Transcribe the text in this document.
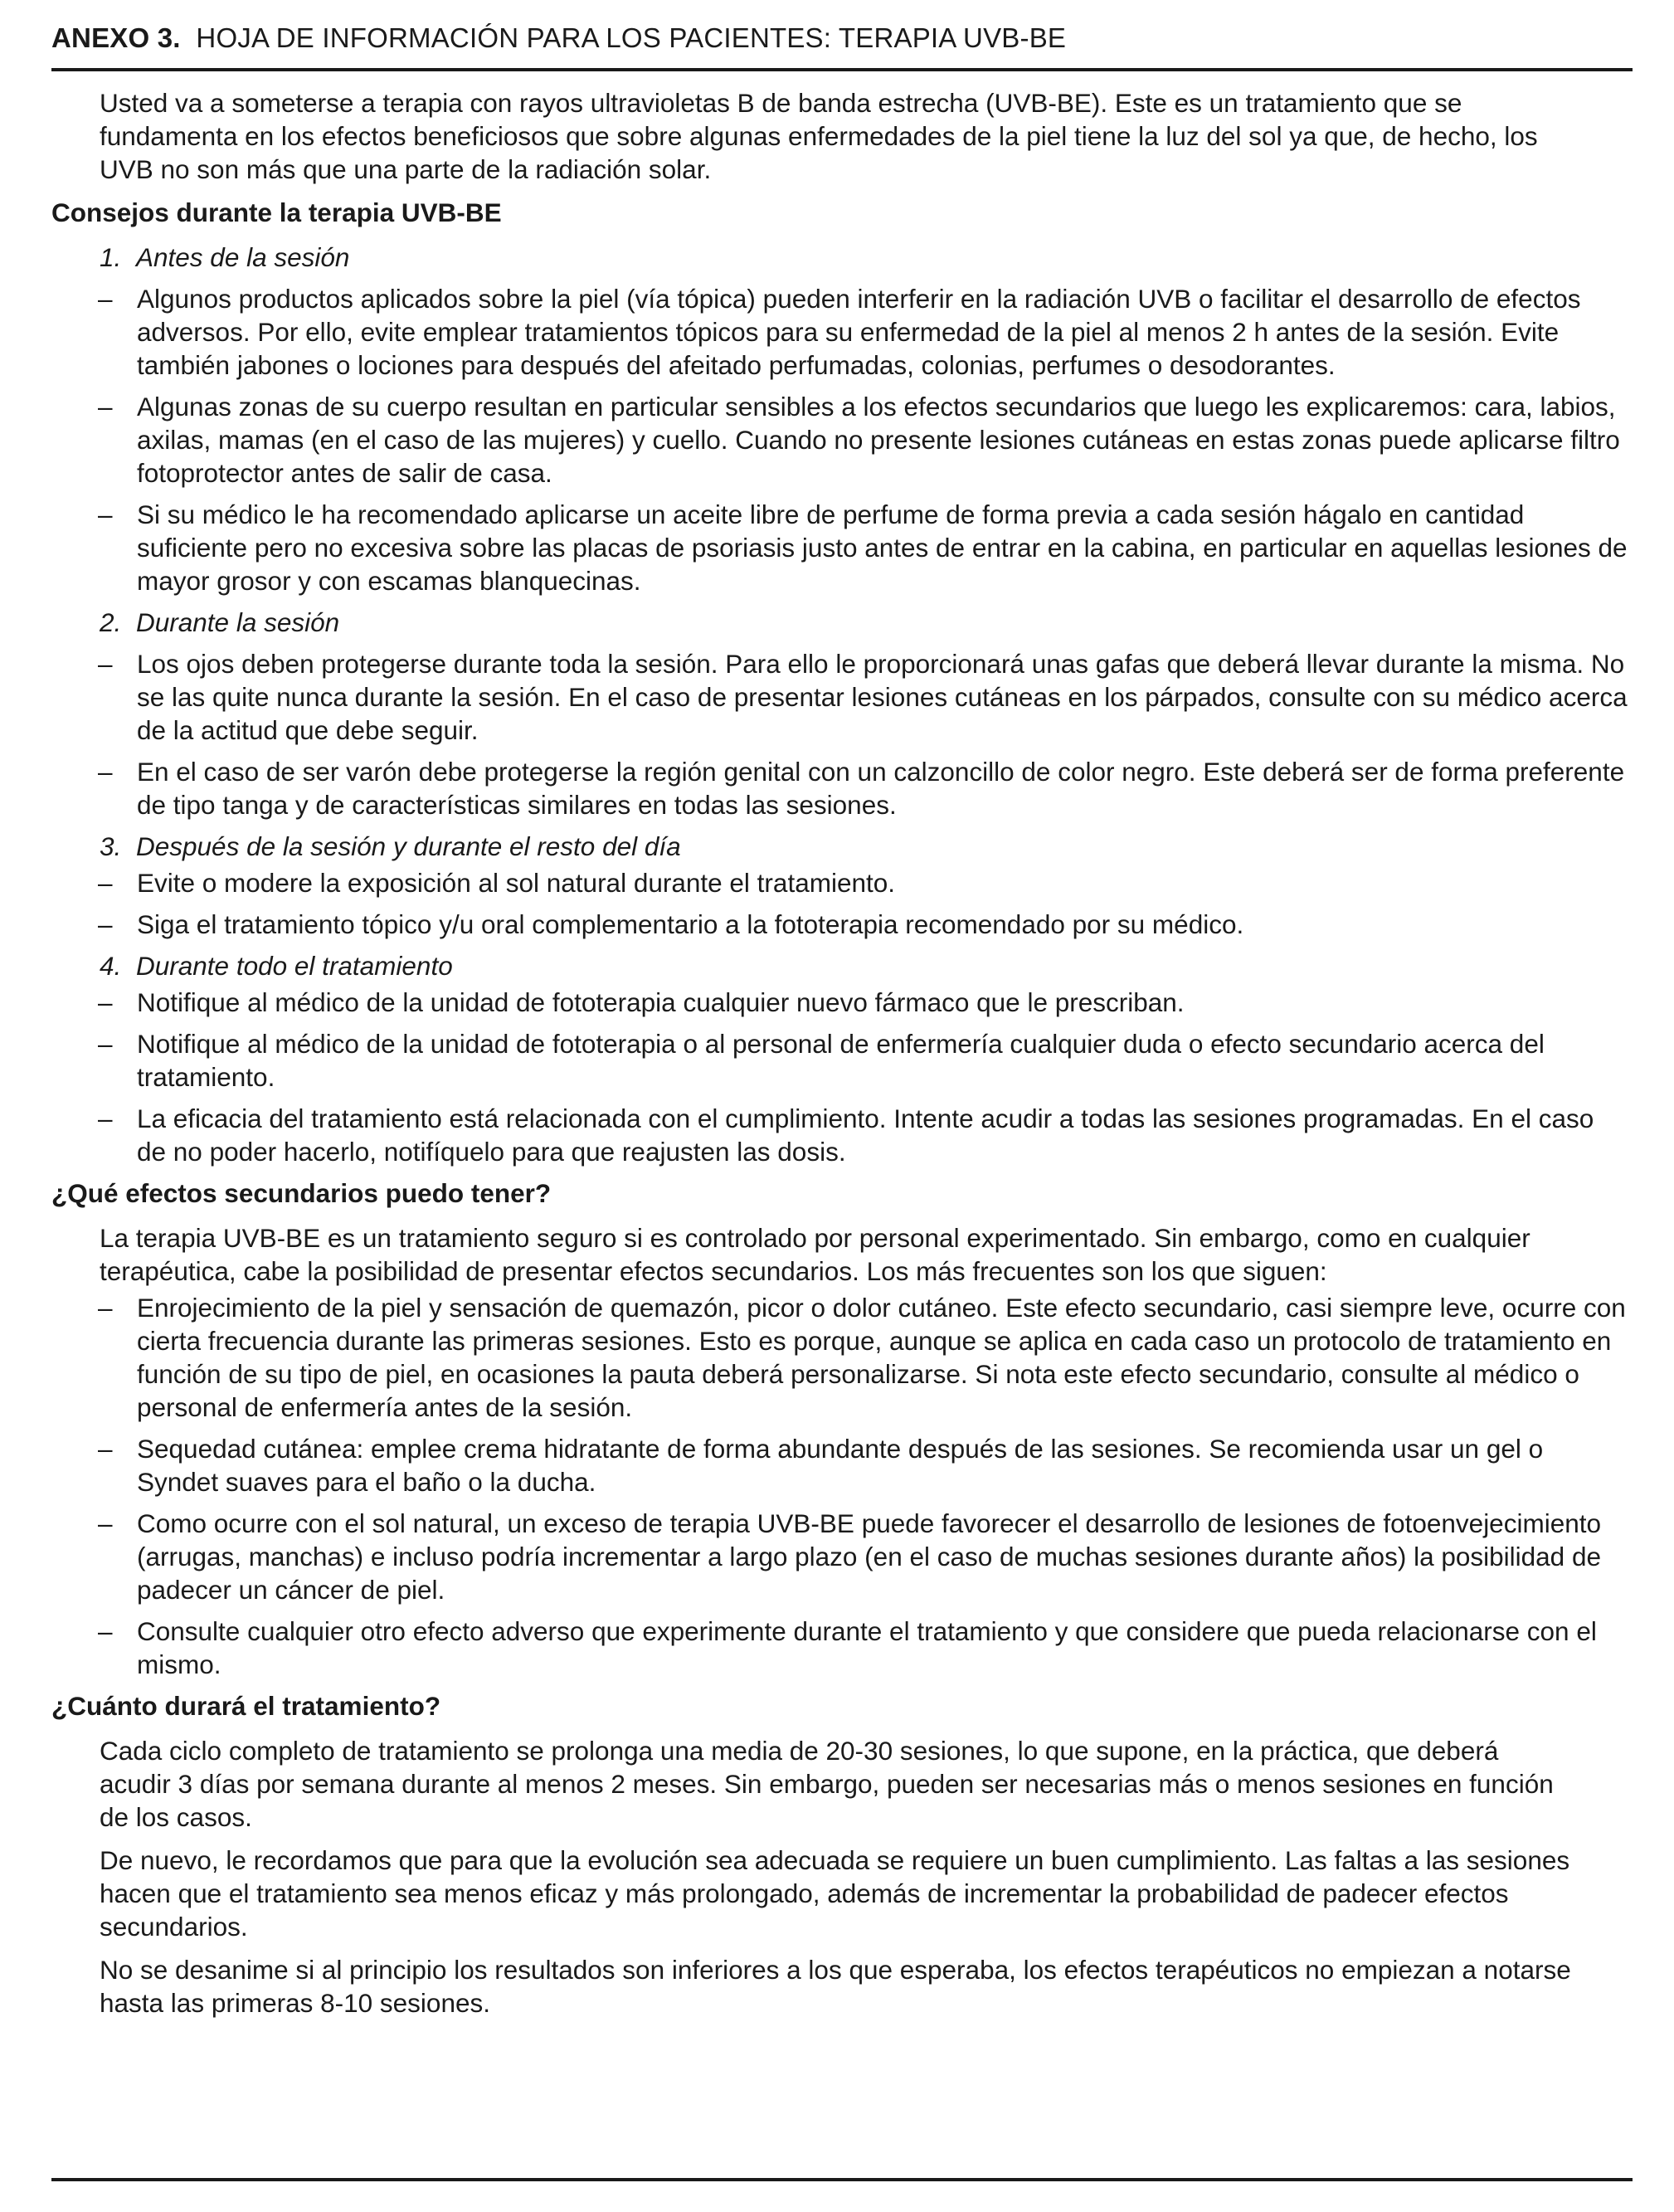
ANEXO 3. HOJA DE INFORMACIÓN PARA LOS PACIENTES: TERAPIA UVB-BE

Usted va a someterse a terapia con rayos ultravioletas B de banda estrecha (UVB-BE). Este es un tratamiento que se fundamenta en los efectos beneficiosos que sobre algunas enfermedades de la piel tiene la luz del sol ya que, de hecho, los UVB no son más que una parte de la radiación solar.

Consejos durante la terapia UVB-BE
1. Antes de la sesión
– Algunos productos aplicados sobre la piel (vía tópica) pueden interferir en la radiación UVB o facilitar el desarrollo de efectos adversos. Por ello, evite emplear tratamientos tópicos para su enfermedad de la piel al menos 2 h antes de la sesión. Evite también jabones o lociones para después del afeitado perfumadas, colonias, perfumes o desodorantes.
– Algunas zonas de su cuerpo resultan en particular sensibles a los efectos secundarios que luego les explicaremos: cara, labios, axilas, mamas (en el caso de las mujeres) y cuello. Cuando no presente lesiones cutáneas en estas zonas puede aplicarse filtro fotoprotector antes de salir de casa.
– Si su médico le ha recomendado aplicarse un aceite libre de perfume de forma previa a cada sesión hágalo en cantidad suficiente pero no excesiva sobre las placas de psoriasis justo antes de entrar en la cabina, en particular en aquellas lesiones de mayor grosor y con escamas blanquecinas.
2. Durante la sesión
– Los ojos deben protegerse durante toda la sesión. Para ello le proporcionará unas gafas que deberá llevar durante la misma. No se las quite nunca durante la sesión. En el caso de presentar lesiones cutáneas en los párpados, consulte con su médico acerca de la actitud que debe seguir.
– En el caso de ser varón debe protegerse la región genital con un calzoncillo de color negro. Este deberá ser de forma preferente de tipo tanga y de características similares en todas las sesiones.
3. Después de la sesión y durante el resto del día
– Evite o modere la exposición al sol natural durante el tratamiento.
– Siga el tratamiento tópico y/u oral complementario a la fototerapia recomendado por su médico.
4. Durante todo el tratamiento
– Notifique al médico de la unidad de fototerapia cualquier nuevo fármaco que le prescriban.
– Notifique al médico de la unidad de fototerapia o al personal de enfermería cualquier duda o efecto secundario acerca del tratamiento.
– La eficacia del tratamiento está relacionada con el cumplimiento. Intente acudir a todas las sesiones programadas. En el caso de no poder hacerlo, notifíquelo para que reajusten las dosis.
¿Qué efectos secundarios puedo tener?

La terapia UVB-BE es un tratamiento seguro si es controlado por personal experimentado. Sin embargo, como en cualquier terapéutica, cabe la posibilidad de presentar efectos secundarios. Los más frecuentes son los que siguen:

– Enrojecimiento de la piel y sensación de quemazón, picor o dolor cutáneo. Este efecto secundario, casi siempre leve, ocurre con cierta frecuencia durante las primeras sesiones. Esto es porque, aunque se aplica en cada caso un protocolo de tratamiento en función de su tipo de piel, en ocasiones la pauta deberá personalizarse. Si nota este efecto secundario, consulte al médico o personal de enfermería antes de la sesión.
– Sequedad cutánea: emplee crema hidratante de forma abundante después de las sesiones. Se recomienda usar un gel o Syndet suaves para el baño o la ducha.
– Como ocurre con el sol natural, un exceso de terapia UVB-BE puede favorecer el desarrollo de lesiones de fotoenvejecimiento (arrugas, manchas) e incluso podría incrementar a largo plazo (en el caso de muchas sesiones durante años) la posibilidad de padecer un cáncer de piel.
– Consulte cualquier otro efecto adverso que experimente durante el tratamiento y que considere que pueda relacionarse con el mismo.
¿Cuánto durará el tratamiento?

Cada ciclo completo de tratamiento se prolonga una media de 20-30 sesiones, lo que supone, en la práctica, que deberá acudir 3 días por semana durante al menos 2 meses. Sin embargo, pueden ser necesarias más o menos sesiones en función de los casos.

De nuevo, le recordamos que para que la evolución sea adecuada se requiere un buen cumplimiento. Las faltas a las sesiones hacen que el tratamiento sea menos eficaz y más prolongado, además de incrementar la probabilidad de padecer efectos secundarios.

No se desanime si al principio los resultados son inferiores a los que esperaba, los efectos terapéuticos no empiezan a notarse hasta las primeras 8-10 sesiones.
